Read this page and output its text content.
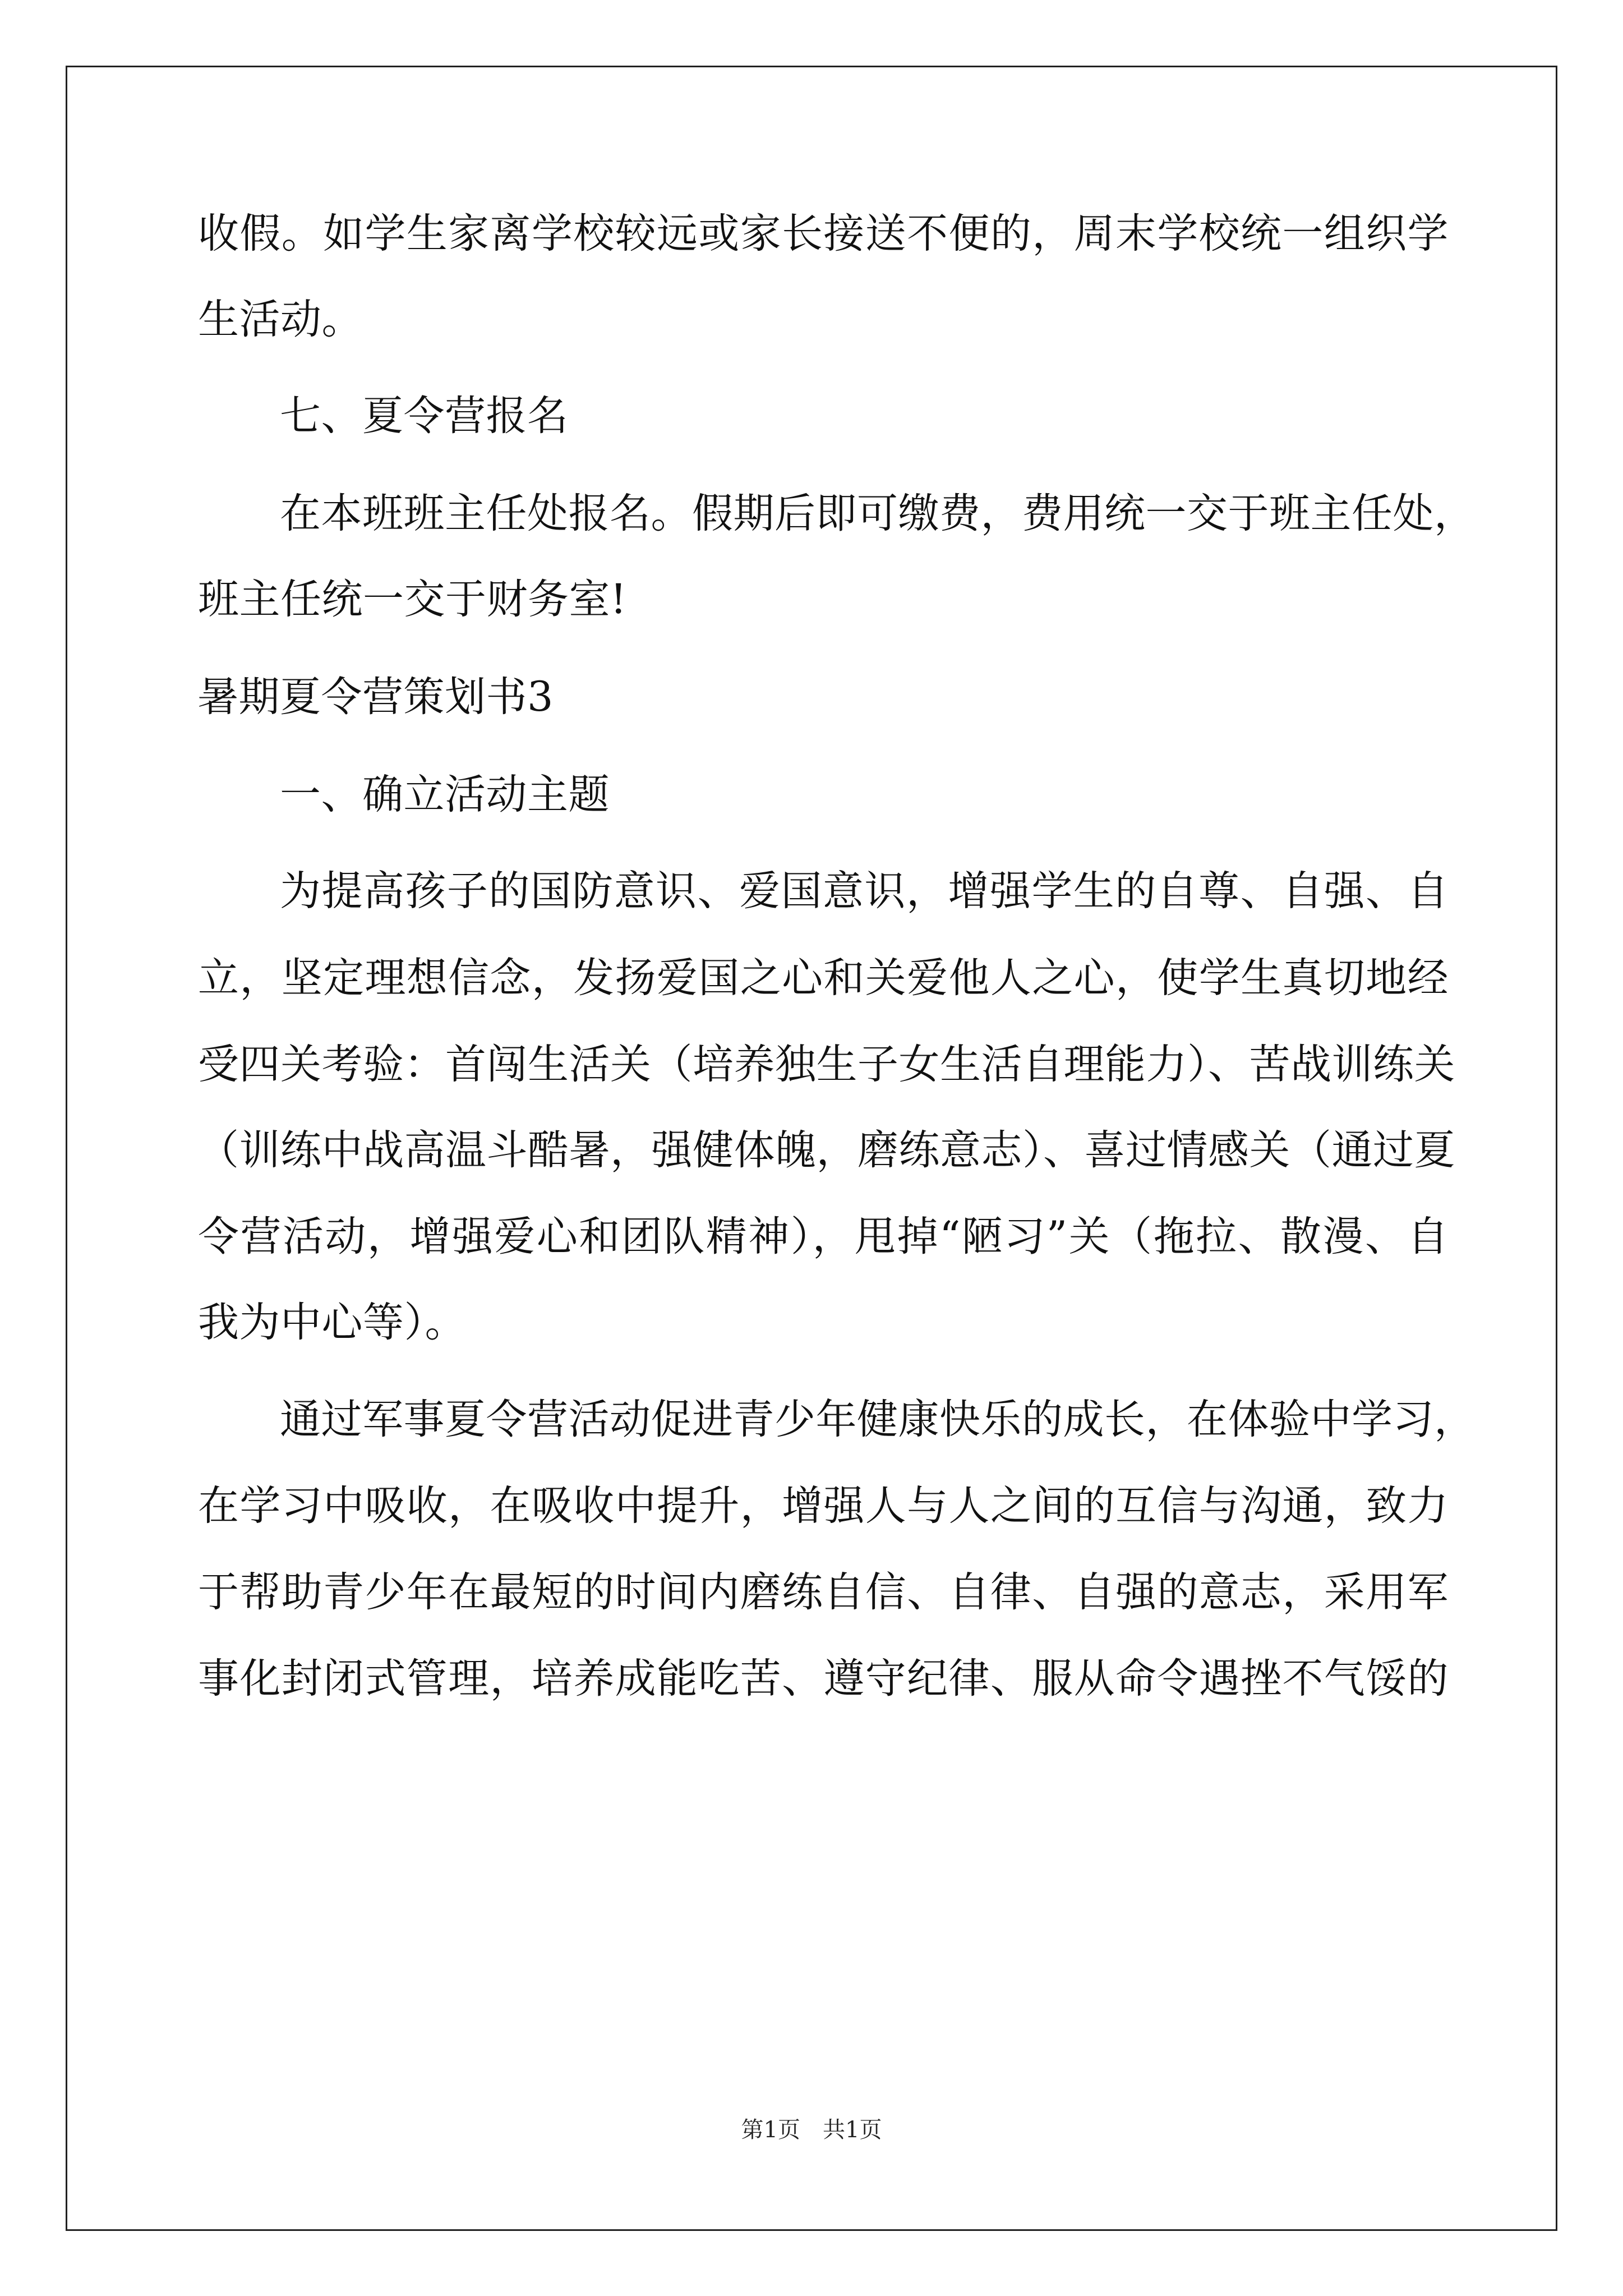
收假。如学生家离学校较远或家长接送不便的，周末学校统一组织学
生活动。
七、夏令营报名
在本班班主任处报名。假期后即可缴费，费用统一交于班主任处，
班主任统一交于财务室!
暑期夏令营策划书3
一、确立活动主题
为提高孩子的国防意识、爱国意识，增强学生的自尊、自强、自
立，坚定理想信念，发扬爱国之心和关爱他人之心，使学生真切地经
受四关考验：首闯生活关（培养独生子女生活自理能力）、苦战训练关
（训练中战高温斗酷暑，强健体魄，磨练意志）、喜过情感关（通过夏
令营活动，增强爱心和团队精神），甩掉“陋习”关（拖拉、散漫、自
我为中心等）。
通过军事夏令营活动促进青少年健康快乐的成长，在体验中学习，
在学习中吸收，在吸收中提升，增强人与人之间的互信与沟通，致力
于帮助青少年在最短的时间内磨练自信、自律、自强的意志，采用军
事化封闭式管理，培养成能吃苦、遵守纪律、服从命令遇挫不气馁的
第1页　共1页
